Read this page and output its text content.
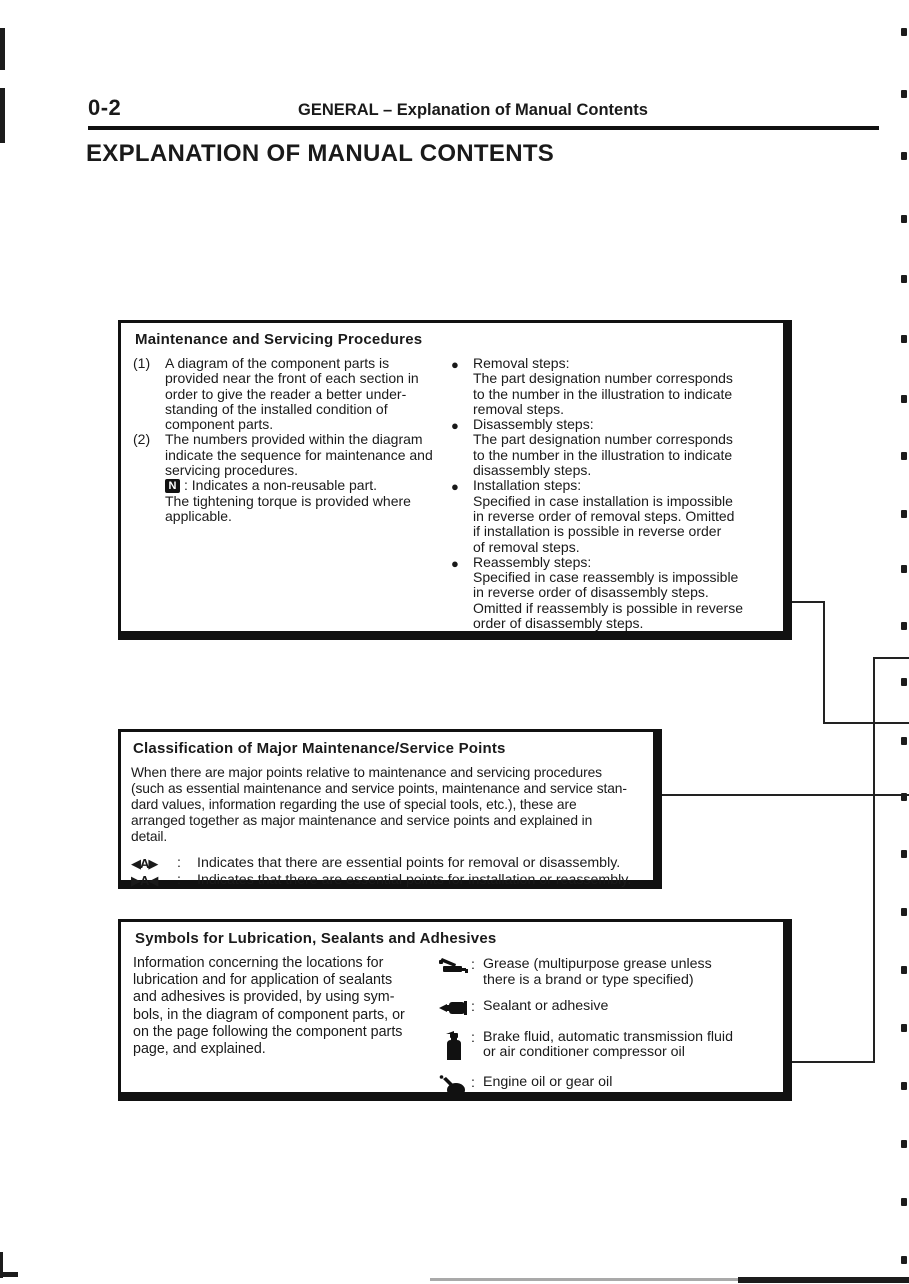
0-2	GENERAL – Explanation of Manual Contents
EXPLANATION OF MANUAL CONTENTS
Maintenance and Servicing Procedures
(1)	A diagram of the component parts is
provided near the front of each section in
order to give the reader a better under-
standing of the installed condition of
component parts.
(2)	The numbers provided within the diagram
indicate the sequence for maintenance and
servicing procedures.
N : Indicates a non-reusable part.
The tightening torque is provided where
applicable.
●	Removal steps:
The part designation number corresponds
to the number in the illustration to indicate
removal steps.
●	Disassembly steps:
The part designation number corresponds
to the number in the illustration to indicate
disassembly steps.
●	Installation steps:
Specified in case installation is impossible
in reverse order of removal steps. Omitted
if installation is possible in reverse order
of removal steps.
●	Reassembly steps:
Specified in case reassembly is impossible
in reverse order of disassembly steps.
Omitted if reassembly is possible in reverse
order of disassembly steps.
Classification of Major Maintenance/Service Points
When there are major points relative to maintenance and servicing procedures
(such as essential maintenance and service points, maintenance and service stan-
dard values, information regarding the use of special tools, etc.), these are
arranged together as major maintenance and service points and explained in
detail.
◀A▶	:	Indicates that there are essential points for removal or disassembly.
▶A◀	:	Indicates that there are essential points for installation or reassembly.
Symbols for Lubrication, Sealants and Adhesives
Information concerning the locations for
lubrication and for application of sealants
and adhesives is provided, by using sym-
bols, in the diagram of component parts, or
on the page following the component parts
page, and explained.
: Grease (multipurpose grease unless
there is a brand or type specified)
: Sealant or adhesive
: Brake fluid, automatic transmission fluid
or air conditioner compressor oil
: Engine oil or gear oil
